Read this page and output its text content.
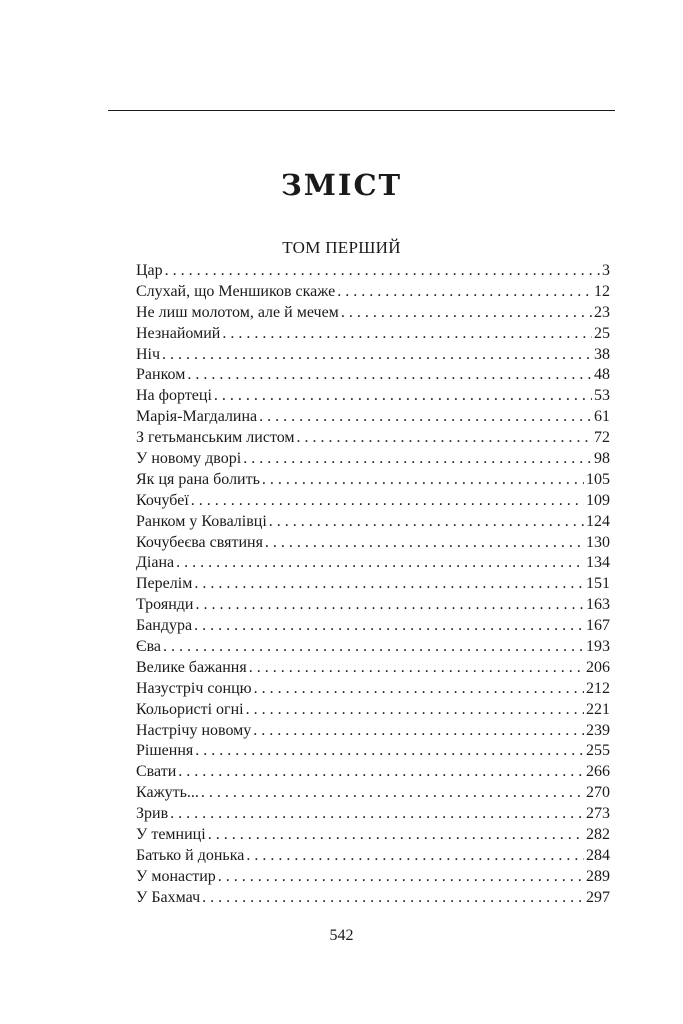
ЗМІСТ
ТОМ ПЕРШИЙ
Цар . . .	3
Слухай, що Меншиков скаже . . .	12
Не лиш молотом, але й мечем . . .	23
Незнайомий . . .	25
Ніч . . .	38
Ранком . . .	48
На фортеці . . .	53
Марія-Магдалина . . .	61
З гетьманським листом . . .	72
У новому дворі . . .	98
Як ця рана болить . . .	105
Кочубеї . . .	109
Ранком у Ковалівці . . .	124
Кочубеєва святиня . . .	130
Діана . . .	134
Перелім . . .	151
Троянди . . .	163
Бандура . . .	167
Єва . . .	193
Велике бажання . . .	206
Назустріч сонцю . . .	212
Кольористі огні . . .	221
Настрічу новому . . .	239
Рішення . . .	255
Свати . . .	266
Кажуть... . . .	270
Зрив . . .	273
У темниці . . .	282
Батько й донька . . .	284
У монастир . . .	289
У Бахмач . . .	297
542
